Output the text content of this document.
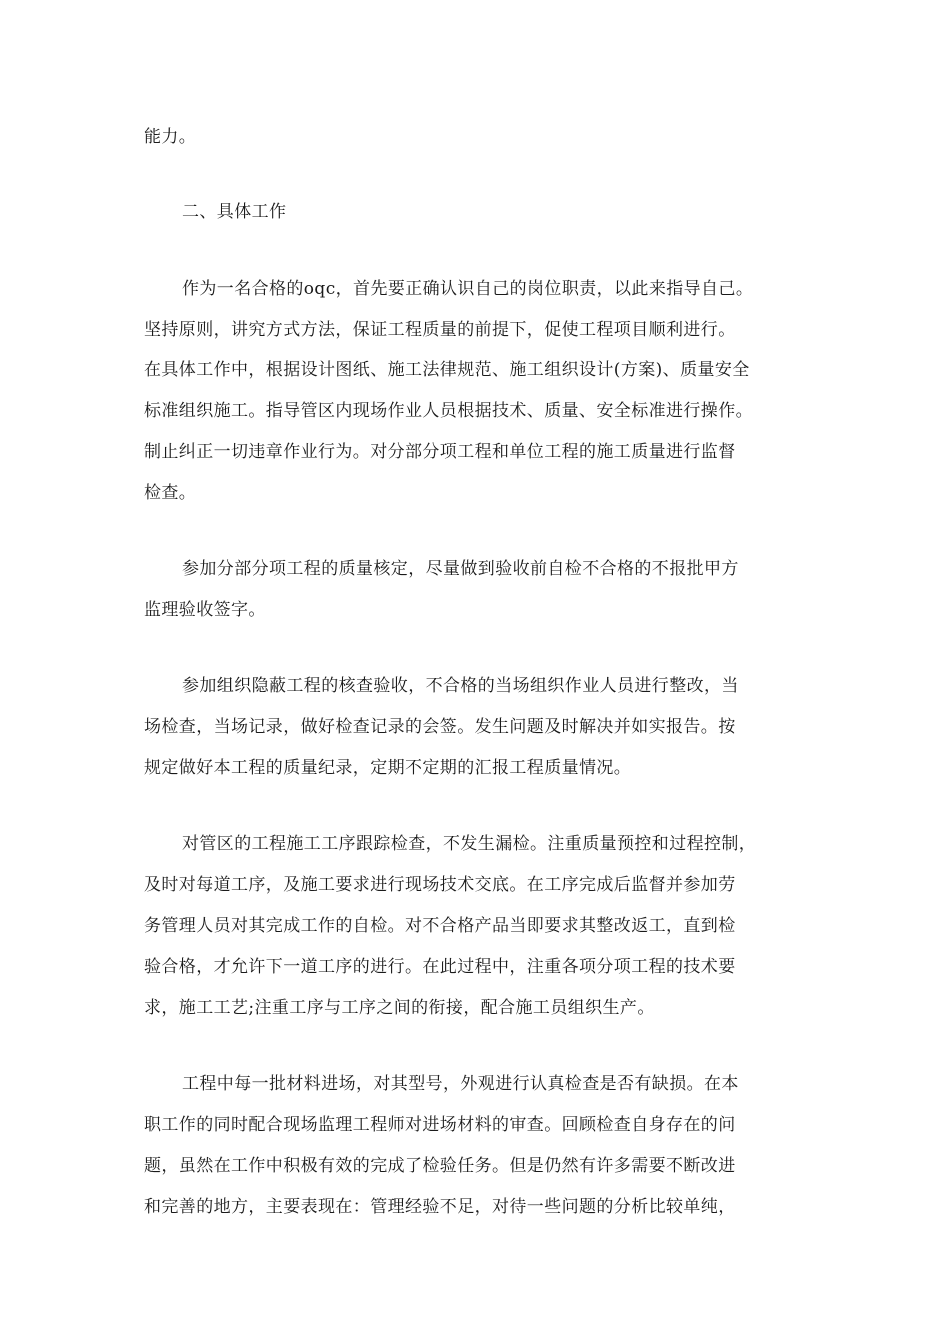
能力。
二、具体工作
作为一名合格的oqc，首先要正确认识自己的岗位职责，以此来指导自己。
坚持原则，讲究方式方法，保证工程质量的前提下，促使工程项目顺利进行。
在具体工作中，根据设计图纸、施工法律规范、施工组织设计(方案)、质量安全
标准组织施工。指导管区内现场作业人员根据技术、质量、安全标准进行操作。
制止纠正一切违章作业行为。对分部分项工程和单位工程的施工质量进行监督
检查。
参加分部分项工程的质量核定，尽量做到验收前自检不合格的不报批甲方
监理验收签字。
参加组织隐蔽工程的核查验收，不合格的当场组织作业人员进行整改，当
场检查，当场记录，做好检查记录的会签。发生问题及时解决并如实报告。按
规定做好本工程的质量纪录，定期不定期的汇报工程质量情况。
对管区的工程施工工序跟踪检查，不发生漏检。注重质量预控和过程控制，
及时对每道工序，及施工要求进行现场技术交底。在工序完成后监督并参加劳
务管理人员对其完成工作的自检。对不合格产品当即要求其整改返工，直到检
验合格，才允许下一道工序的进行。在此过程中，注重各项分项工程的技术要
求，施工工艺;注重工序与工序之间的衔接，配合施工员组织生产。
工程中每一批材料进场，对其型号，外观进行认真检查是否有缺损。在本
职工作的同时配合现场监理工程师对进场材料的审查。回顾检查自身存在的问
题，虽然在工作中积极有效的完成了检验任务。但是仍然有许多需要不断改进
和完善的地方，主要表现在：管理经验不足，对待一些问题的分析比较单纯，
